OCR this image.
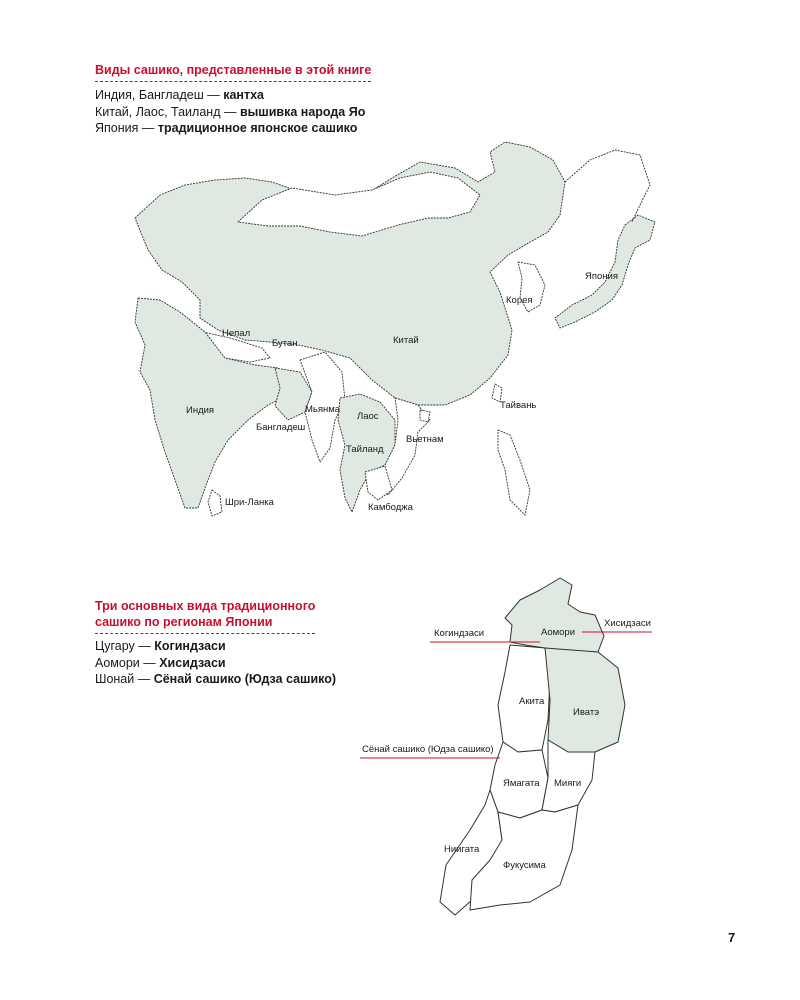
Виды сашико, представленные в этой книге
Индия, Бангладеш — кантха
Китай, Лаос, Таиланд — вышивка народа Яо
Япония — традиционное японское сашико
Непал
Бутан	Китай
Корея
Япония
Индия
Бангладеш
Мьянма
Лаос
Тайланд
Вьетнам
Тайвань
Шри-Ланка	Камбоджа
Три основных вида традиционного
сашико по регионам Японии
Цугару — Когиндзаси
Аомори — Хисидзаси
Шонай — Сёнай сашико (Юдза сашико)
Аомори
Акита
Иватэ
Ямагата Мияги
Ниигата
Фукусима
Когиндзаси
Хисидзаси
Сёнай сашико (Юдза сашико)
7
